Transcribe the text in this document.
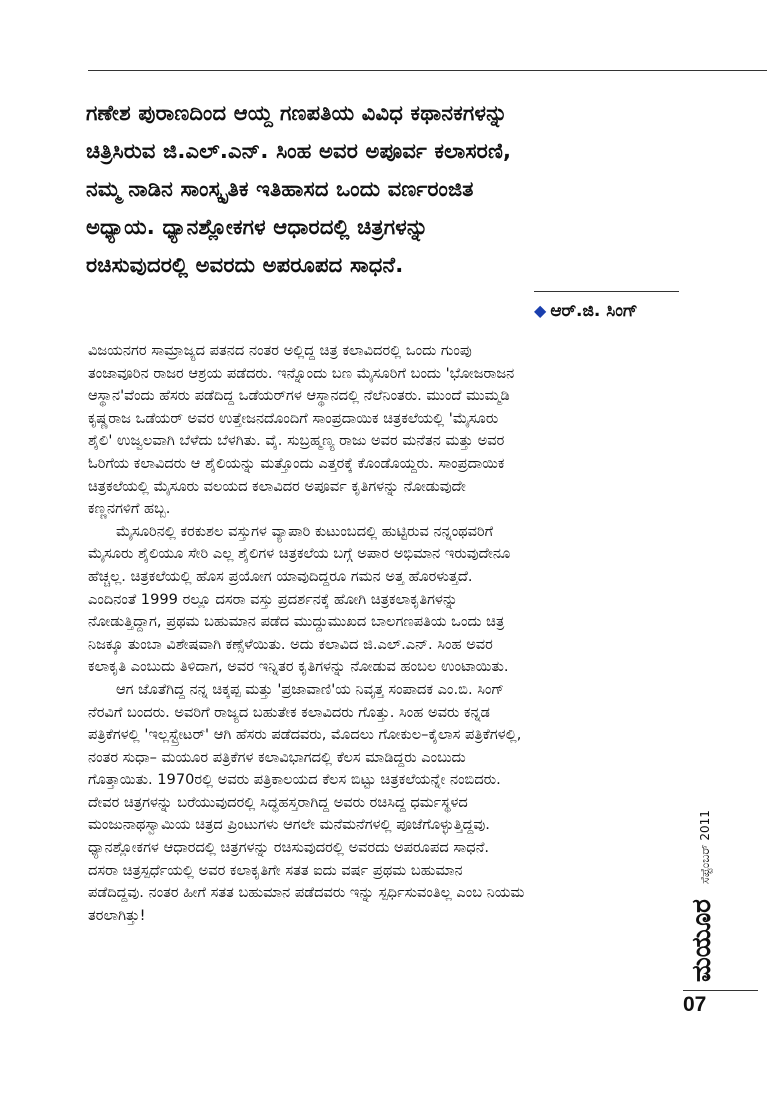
ಗಣೇಶ ಪುರಾಣದಿಂದ ಆಯ್ದ ಗಣಪತಿಯ ವಿವಿಧ ಕಥಾನಕಗಳನ್ನು

ಚಿತ್ರಿಸಿರುವ ಜಿ.ಎಲ್.ಎನ್. ಸಿಂಹ ಅವರ ಅಪೂರ್ವ ಕಲಾಸರಣಿ,

ನಮ್ಮ ನಾಡಿನ ಸಾಂಸ್ಕೃತಿಕ ಇತಿಹಾಸದ ಒಂದು ವರ್ಣರಂಜಿತ

ಅಧ್ಯಾಯ. ಧ್ಯಾನಶ್ಲೋಕಗಳ ಆಧಾರದಲ್ಲಿ ಚಿತ್ರಗಳನ್ನು

ರಚಿಸುವುದರಲ್ಲಿ ಅವರದು ಅಪರೂಪದ ಸಾಧನೆ.

◆ ಆರ್.ಜಿ. ಸಿಂಗ್

ವಿಜಯನಗರ ಸಾಮ್ರಾಜ್ಯದ ಪತನದ ನಂತರ ಅಲ್ಲಿದ್ದ ಚಿತ್ರ ಕಲಾವಿದರಲ್ಲಿ ಒಂದು ಗುಂಪು

ತಂಜಾವೂರಿನ ರಾಜರ ಆಶ್ರಯ ಪಡೆದರು. ಇನ್ನೊಂದು ಬಣ ಮೈಸೂರಿಗೆ ಬಂದು 'ಭೋಜರಾಜನ

ಆಸ್ಥಾನ'ವೆಂದು ಹೆಸರು ಪಡೆದಿದ್ದ ಒಡೆಯರ್‌ಗಳ ಆಸ್ಥಾನದಲ್ಲಿ ನೆಲೆನಿಂತರು. ಮುಂದೆ ಮುಮ್ಮಡಿ

ಕೃಷ್ಣರಾಜ ಒಡೆಯರ್ ಅವರ ಉತ್ತೇಜನದೊಂದಿಗೆ ಸಾಂಪ್ರದಾಯಿಕ ಚಿತ್ರಕಲೆಯಲ್ಲಿ 'ಮೈಸೂರು

ಶೈಲಿ' ಉಜ್ವಲವಾಗಿ ಬೆಳೆದು ಬೆಳಗಿತು. ವೈ. ಸುಬ್ರಹ್ಮಣ್ಯ ರಾಜು ಅವರ ಮನೆತನ ಮತ್ತು ಅವರ

ಓರಿಗೆಯ ಕಲಾವಿದರು ಆ ಶೈಲಿಯನ್ನು ಮತ್ತೊಂದು ಎತ್ತರಕ್ಕೆ ಕೊಂಡೊಯ್ದರು. ಸಾಂಪ್ರದಾಯಿಕ

ಚಿತ್ರಕಲೆಯಲ್ಲಿ ಮೈಸೂರು ವಲಯದ ಕಲಾವಿದರ ಅಪೂರ್ವ ಕೃತಿಗಳನ್ನು ನೋಡುವುದೇ

ಕಣ್ಣನಗಳಿಗೆ ಹಬ್ಬ.

ಮೈಸೂರಿನಲ್ಲಿ ಕರಕುಶಲ ವಸ್ತುಗಳ ವ್ಯಾಪಾರಿ ಕುಟುಂಬದಲ್ಲಿ ಹುಟ್ಟಿರುವ ನನ್ನಂಥವರಿಗೆ

ಮೈಸೂರು ಶೈಲಿಯೂ ಸೇರಿ ಎಲ್ಲ ಶೈಲಿಗಳ ಚಿತ್ರಕಲೆಯ ಬಗ್ಗೆ ಅಪಾರ ಅಭಿಮಾನ ಇರುವುದೇನೂ

ಹೆಚ್ಚಲ್ಲ. ಚಿತ್ರಕಲೆಯಲ್ಲಿ ಹೊಸ ಪ್ರಯೋಗ ಯಾವುದಿದ್ದರೂ ಗಮನ ಅತ್ತ ಹೊರಳುತ್ತದೆ.

ಎಂದಿನಂತೆ 1999 ರಲ್ಲೂ ದಸರಾ ವಸ್ತು ಪ್ರದರ್ಶನಕ್ಕೆ ಹೋಗಿ ಚಿತ್ರಕಲಾಕೃತಿಗಳನ್ನು

ನೋಡುತ್ತಿದ್ದಾಗ, ಪ್ರಥಮ ಬಹುಮಾನ ಪಡೆದ ಮುದ್ದುಮುಖದ ಬಾಲಗಣಪತಿಯ ಒಂದು ಚಿತ್ರ

ನಿಜಕ್ಕೂ ತುಂಬಾ ವಿಶೇಷವಾಗಿ ಕಣ್ಸೆಳೆಯಿತು. ಅದು ಕಲಾವಿದ ಜಿ.ಎಲ್.ಎನ್. ಸಿಂಹ ಅವರ

ಕಲಾಕೃತಿ ಎಂಬುದು ತಿಳಿದಾಗ, ಅವರ ಇನ್ನಿತರ ಕೃತಿಗಳನ್ನು ನೋಡುವ ಹಂಬಲ ಉಂಟಾಯಿತು.

ಆಗ ಜೊತೆಗಿದ್ದ ನನ್ನ ಚಿಕ್ಕಪ್ಪ ಮತ್ತು 'ಪ್ರಜಾವಾಣಿ'ಯ ನಿವೃತ್ತ ಸಂಪಾದಕ ಎಂ.ಬಿ. ಸಿಂಗ್

ನೆರವಿಗೆ ಬಂದರು. ಅವರಿಗೆ ರಾಜ್ಯದ ಬಹುತೇಕ ಕಲಾವಿದರು ಗೊತ್ತು. ಸಿಂಹ ಅವರು ಕನ್ನಡ

ಪತ್ರಿಕೆಗಳಲ್ಲಿ 'ಇಲ್ಲಸ್ಟ್ರೇಟರ್' ಆಗಿ ಹೆಸರು ಪಡೆದವರು, ಮೊದಲು ಗೋಕುಲ–ಕೈಲಾಸ ಪತ್ರಿಕೆಗಳಲ್ಲಿ,

ನಂತರ ಸುಧಾ– ಮಯೂರ ಪತ್ರಿಕೆಗಳ ಕಲಾವಿಭಾಗದಲ್ಲಿ ಕೆಲಸ ಮಾಡಿದ್ದರು ಎಂಬುದು

ಗೊತ್ತಾಯಿತು. 1970ರಲ್ಲಿ ಅವರು ಪತ್ರಿಕಾಲಯದ ಕೆಲಸ ಬಿಟ್ಟು ಚಿತ್ರಕಲೆಯನ್ನೇ ನಂಬಿದರು.

ದೇವರ ಚಿತ್ರಗಳನ್ನು ಬರೆಯುವುದರಲ್ಲಿ ಸಿದ್ಧಹಸ್ತರಾಗಿದ್ದ ಅವರು ರಚಿಸಿದ್ದ ಧರ್ಮಸ್ಥಳದ

ಮಂಜುನಾಥಸ್ವಾಮಿಯ ಚಿತ್ರದ ಪ್ರಿಂಟುಗಳು ಆಗಲೇ ಮನೆಮನೆಗಳಲ್ಲಿ ಪೂಜೆಗೊಳ್ಳುತ್ತಿದ್ದವು.

ಧ್ಯಾನಶ್ಲೋಕಗಳ ಆಧಾರದಲ್ಲಿ ಚಿತ್ರಗಳನ್ನು ರಚಿಸುವುದರಲ್ಲಿ ಅವರದು ಅಪರೂಪದ ಸಾಧನೆ.

ದಸರಾ ಚಿತ್ರಸ್ಪರ್ಧೆಯಲ್ಲಿ ಅವರ ಕಲಾಕೃತಿಗೇ ಸತತ ಐದು ವರ್ಷ ಪ್ರಥಮ ಬಹುಮಾನ

ಪಡೆದಿದ್ದವು. ನಂತರ ಹೀಗೆ ಸತತ ಬಹುಮಾನ ಪಡೆದವರು ಇನ್ನು ಸ್ಪರ್ಧಿಸುವಂತಿಲ್ಲ ಎಂಬ ನಿಯಮ

ತರಲಾಗಿತ್ತು!	ಮಯೂರ
ಸೆಪ್ಟೆಂಬರ್ 2011
07
